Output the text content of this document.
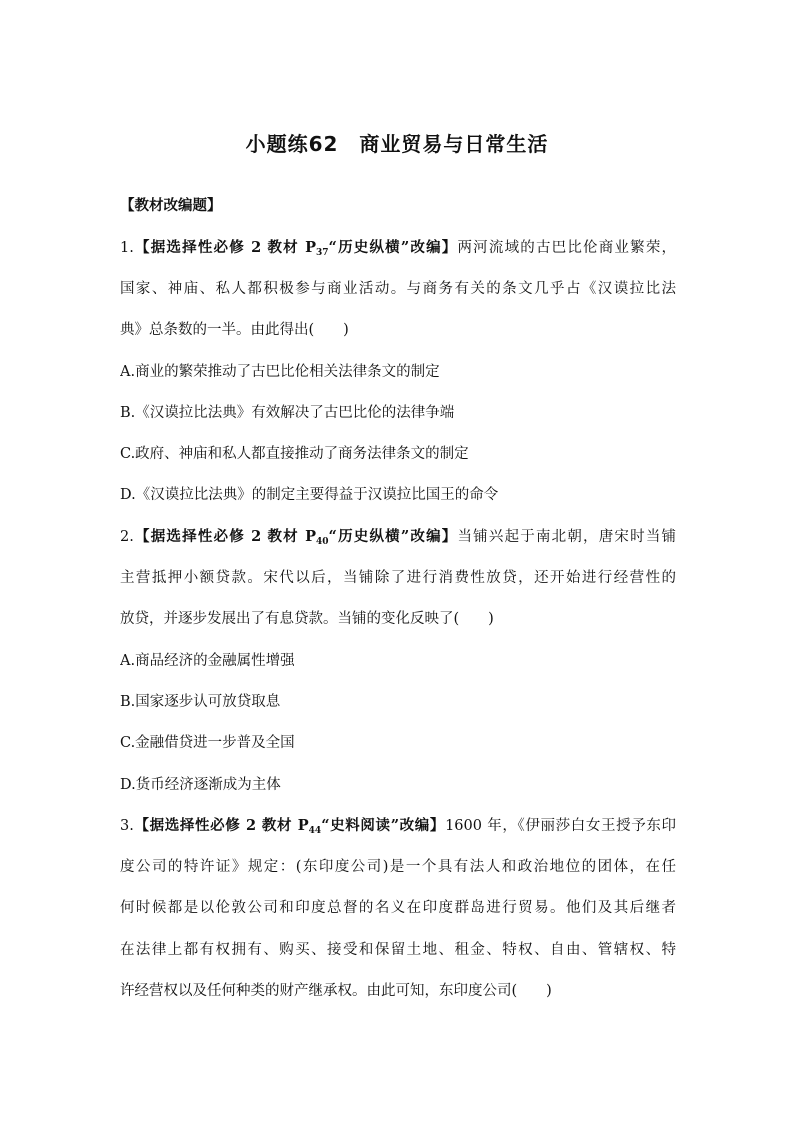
小题练62　商业贸易与日常生活
【教材改编题】
1.【据选择性必修 2 教材 $P_{37}“$历史纵横”改编】两河流域的古巴比伦商业繁荣，
国家、神庙、私人都积极参与商业活动。与商务有关的条文几乎占《汉谟拉比法
典》总条数的一半。由此得出(　　)
A.商业的繁荣推动了古巴比伦相关法律条文的制定
B.《汉谟拉比法典》有效解决了古巴比伦的法律争端
C.政府、神庙和私人都直接推动了商务法律条文的制定
D.《汉谟拉比法典》的制定主要得益于汉谟拉比国王的命令
2.【据选择性必修 2 教材 $P_{40}“$历史纵横”改编】当铺兴起于南北朝，唐宋时当铺
主营抵押小额贷款。宋代以后，当铺除了进行消费性放贷，还开始进行经营性的
放贷，并逐步发展出了有息贷款。当铺的变化反映了(　　)
A.商品经济的金融属性增强
B.国家逐步认可放贷取息
C.金融借贷进一步普及全国
D.货币经济逐渐成为主体
3.【据选择性必修 2 教材 $P_{44}“$史料阅读”改编】1600 年，《伊丽莎白女王授予东印
度公司的特许证》规定：(东印度公司)是一个具有法人和政治地位的团体，在任
何时候都是以伦敦公司和印度总督的名义在印度群岛进行贸易。他们及其后继者
在法律上都有权拥有、购买、接受和保留土地、租金、特权、自由、管辖权、特
许经营权以及任何种类的财产继承权。由此可知，东印度公司(　　)
